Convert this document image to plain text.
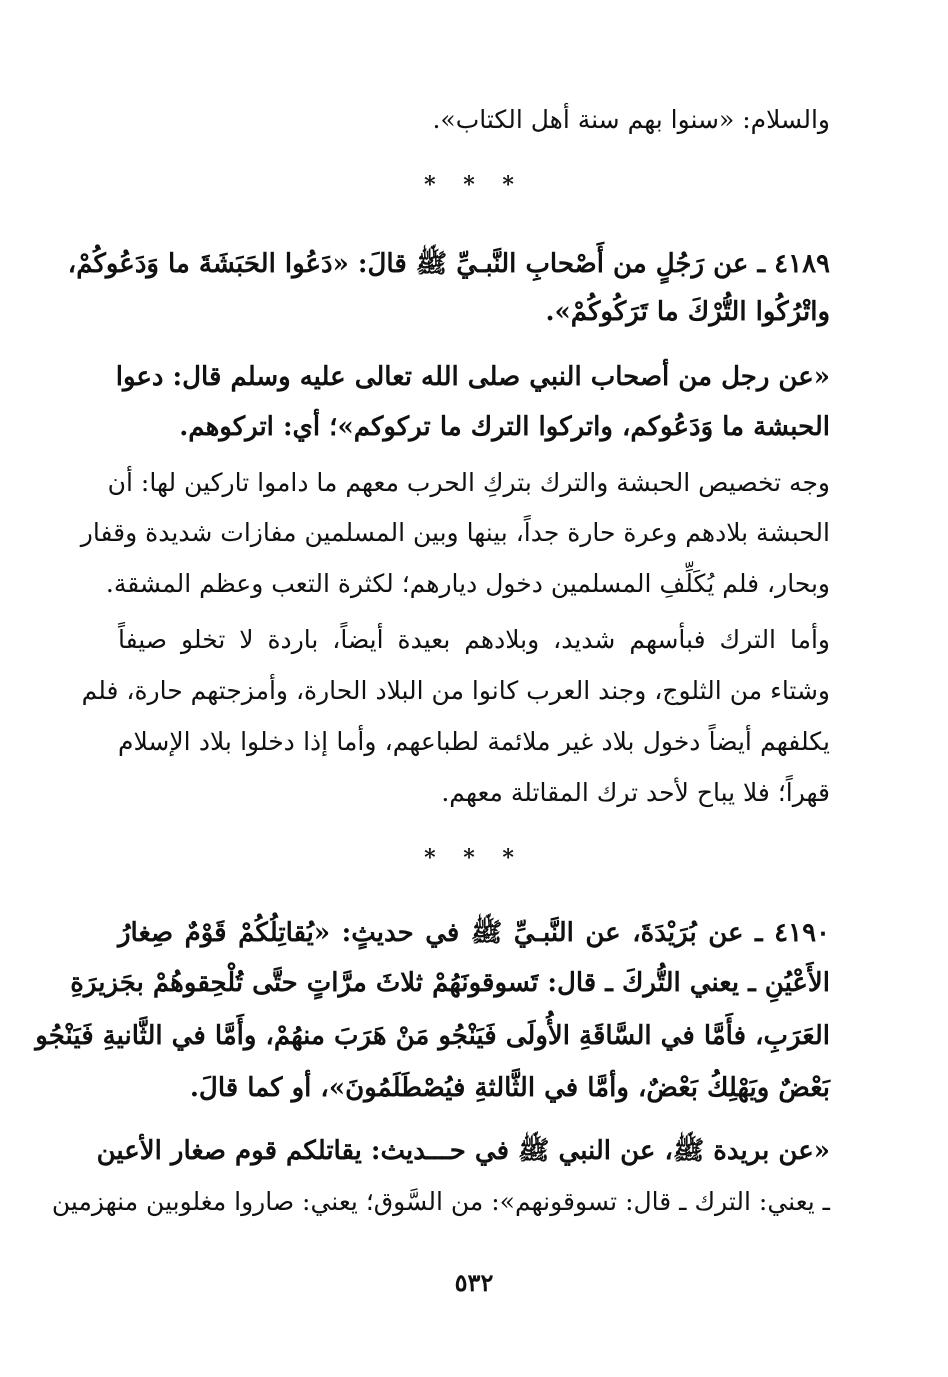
والسلام: «سنوا بهم سنة أهل الكتاب».
* * *
٤١٨٩ ـ عن رَجُلٍ من أَصْحابِ النَّبـيِّ ﷺ قالَ: «دَعُوا الحَبَشَةَ ما وَدَعُوكُمْ،
واتْرُكُوا التُّرْكَ ما تَرَكُوكُمْ».
«عن رجل من أصحاب النبي صلى الله تعالى عليه وسلم قال: دعوا
الحبشة ما وَدَعُوكم، واتركوا الترك ما تركوكم»؛ أي: اتركوهم.
وجه تخصيص الحبشة والترك بتركِ الحرب معهم ما داموا تاركين لها: أن
الحبشة بلادهم وعرة حارة جداً، بينها وبين المسلمين مفازات شديدة وقفار
وبحار، فلم يُكَلِّفِ المسلمين دخول ديارهم؛ لكثرة التعب وعظم المشقة.
وأما الترك فبأسهم شديد، وبلادهم بعيدة أيضاً، باردة لا تخلو صيفاً
وشتاء من الثلوج، وجند العرب كانوا من البلاد الحارة، وأمزجتهم حارة، فلم
يكلفهم أيضاً دخول بلاد غير ملائمة لطباعهم، وأما إذا دخلوا بلاد الإسلام
قهراً؛ فلا يباح لأحد ترك المقاتلة معهم.
* * *
٤١٩٠ ـ عن بُرَيْدَةَ، عن النَّبـيِّ ﷺ في حديثٍ: «يُقاتِلُكُمْ قَوْمٌ صِغارُ
الأَعْيُنِ ـ يعني التُّركَ ـ قال: تَسوقونَهُمْ ثلاثَ مرَّاتٍ حتَّى تُلْحِقوهُمْ بجَزيرَةِ
العَرَبِ، فأَمَّا في السَّاقَةِ الأُولَى فَيَنْجُو مَنْ هَرَبَ منهُمْ، وأَمَّا في الثَّانيةِ فَيَنْجُو
بَعْضٌ ويَهْلِكُ بَعْضٌ، وأمَّا في الثَّالثةِ فيُصْطَلَمُونَ»، أو كما قالَ.
«عن بريدة ﷺ، عن النبي ﷺ في حـــديث: يقاتلكم قوم صغار الأعين
ـ يعني: الترك ـ قال: تسوقونهم»: من السَّوق؛ يعني: صاروا مغلوبين منهزمين
٥٣٢
